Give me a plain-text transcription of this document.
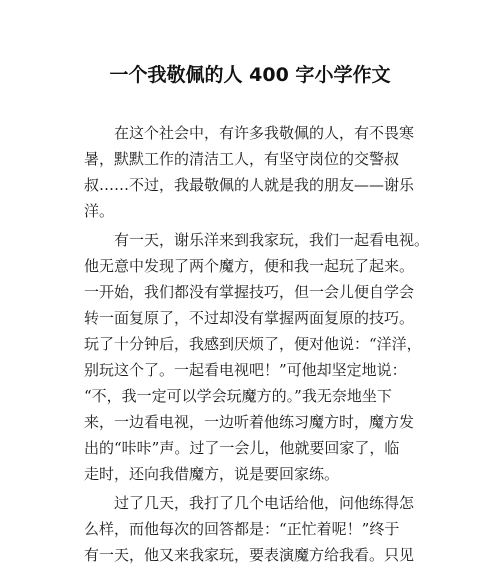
一个我敬佩的人 400 字小学作文
在这个社会中，有许多我敬佩的人，有不畏寒
暑，默默工作的清洁工人，有坚守岗位的交警叔
叔……不过，我最敬佩的人就是我的朋友——谢乐
洋。
有一天，谢乐洋来到我家玩，我们一起看电视。
他无意中发现了两个魔方，便和我一起玩了起来。
一开始，我们都没有掌握技巧，但一会儿便自学会
转一面复原了，不过却没有掌握两面复原的技巧。
玩了十分钟后，我感到厌烦了，便对他说：“洋洋，
别玩这个了。一起看电视吧！”可他却坚定地说：
“不，我一定可以学会玩魔方的。”我无奈地坐下
来，一边看电视，一边听着他练习魔方时，魔方发
出的“咔咔”声。过了一会儿，他就要回家了，临
走时，还向我借魔方，说是要回家练。
过了几天，我打了几个电话给他，问他练得怎
么样，而他每次的回答都是：“正忙着呢！”终于
有一天，他又来我家玩，要表演魔方给我看。只见
